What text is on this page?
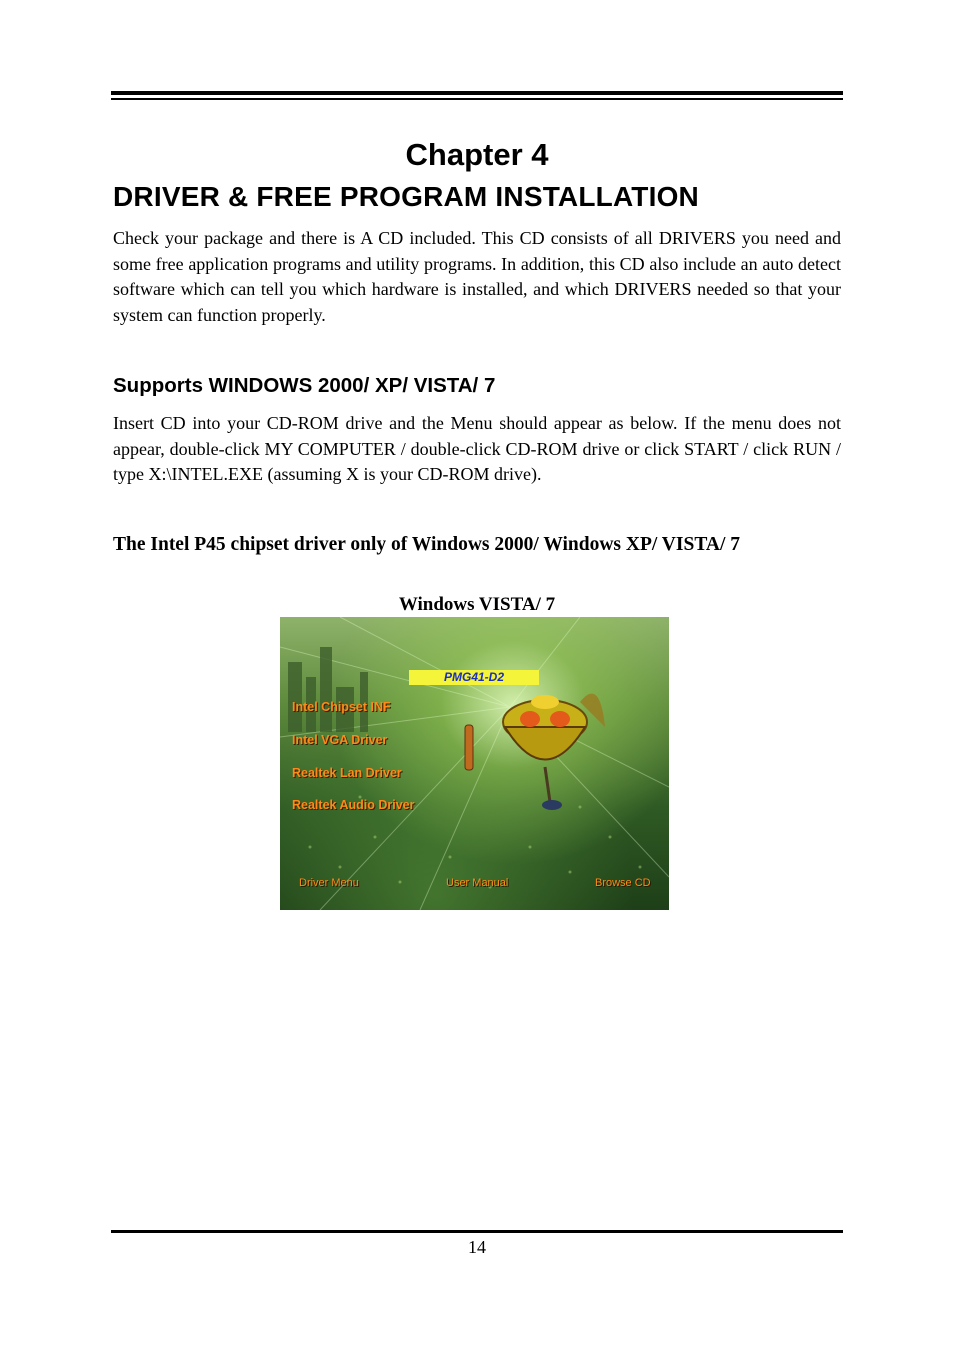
Chapter 4
DRIVER & FREE PROGRAM INSTALLATION

Check your package and there is A CD included. This CD consists of all DRIVERS you need and some free application programs and utility programs. In addition, this CD also include an auto detect software which can tell you which hardware is installed, and which DRIVERS needed so that your system can function properly.

Supports WINDOWS 2000/ XP/ VISTA/ 7

Insert CD into your CD-ROM drive and the Menu should appear as below. If the menu does not appear, double-click MY COMPUTER / double-click CD-ROM drive or click START / click RUN / type X:\INTEL.EXE (assuming X is your CD-ROM drive).

The Intel P45 chipset driver only of Windows 2000/ Windows XP/ VISTA/ 7
Windows VISTA/ 7
PMG41-D2
Intel Chipset INF
Intel VGA Driver
Realtek Lan Driver
Realtek Audio Driver
Driver Menu	User Manual	Browse CD
14
